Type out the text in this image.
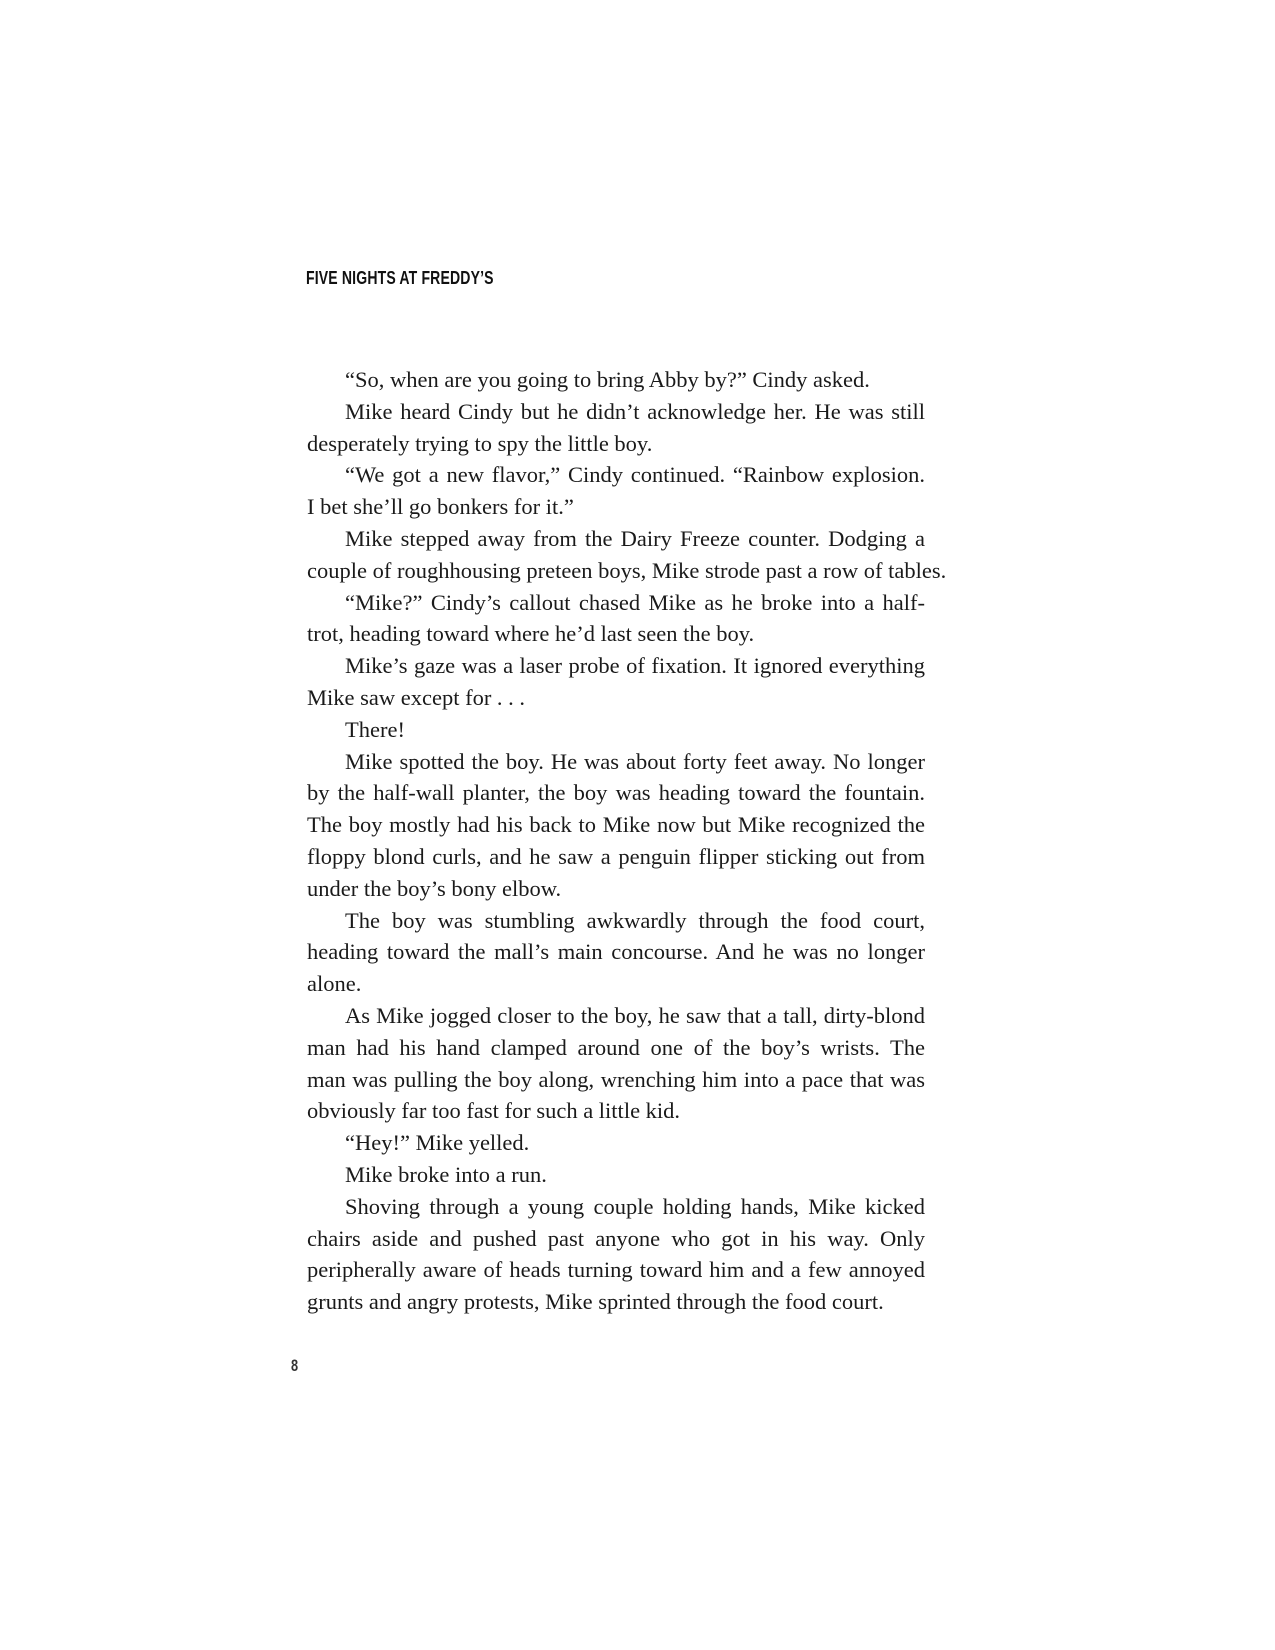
FIVE NIGHTS AT FREDDY’S
“So, when are you going to bring Abby by?” Cindy asked.
Mike heard Cindy but he didn’t acknowledge her. He was still
desperately trying to spy the little boy.
“We got a new flavor,” Cindy continued. “Rainbow explosion.
I bet she’ll go bonkers for it.”
Mike stepped away from the Dairy Freeze counter. Dodging a
couple of roughhousing preteen boys, Mike strode past a row of tables.
“Mike?” Cindy’s callout chased Mike as he broke into a half-
trot, heading toward where he’d last seen the boy.
Mike’s gaze was a laser probe of fixation. It ignored everything
Mike saw except for . . .
There!
Mike spotted the boy. He was about forty feet away. No longer
by the half-wall planter, the boy was heading toward the fountain.
The boy mostly had his back to Mike now but Mike recognized the
floppy blond curls, and he saw a penguin flipper sticking out from
under the boy’s bony elbow.
The boy was stumbling awkwardly through the food court,
heading toward the mall’s main concourse. And he was no longer
alone.
As Mike jogged closer to the boy, he saw that a tall, dirty-blond
man had his hand clamped around one of the boy’s wrists. The
man was pulling the boy along, wrenching him into a pace that was
obviously far too fast for such a little kid.
“Hey!” Mike yelled.
Mike broke into a run.
Shoving through a young couple holding hands, Mike kicked
chairs aside and pushed past anyone who got in his way. Only
peripherally aware of heads turning toward him and a few annoyed
grunts and angry protests, Mike sprinted through the food court.
8
